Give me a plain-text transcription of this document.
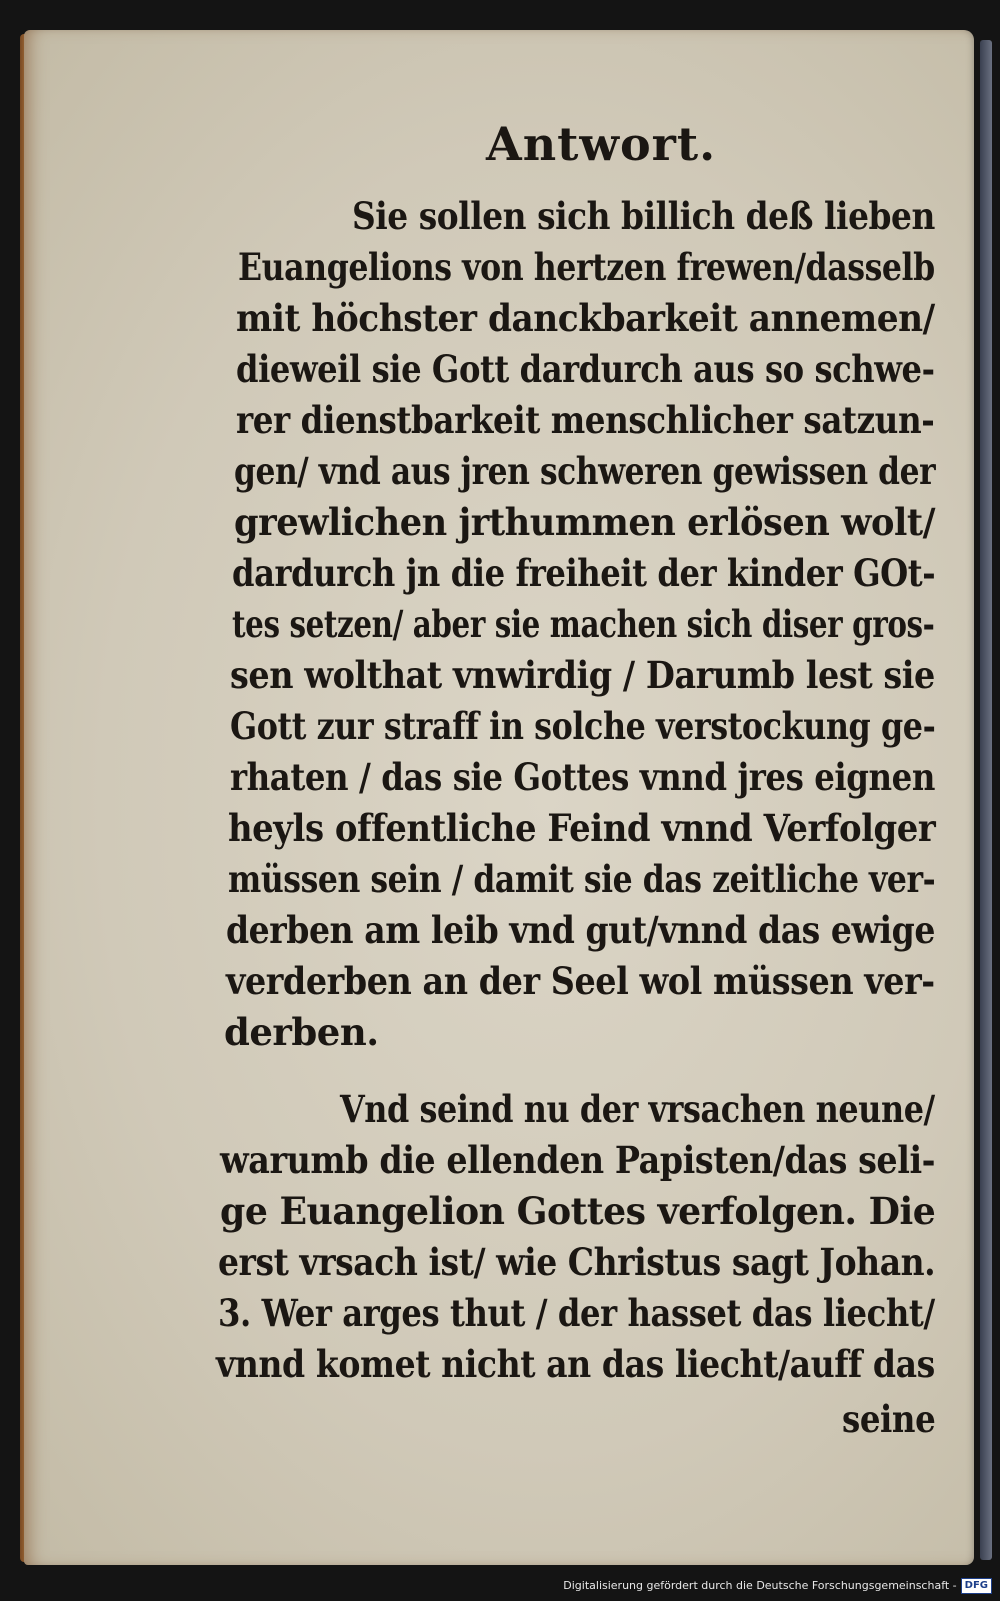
Antwort.
Sie sollen sich billich deß lieben
Euangelions von hertzen frewen/dasselb
mit höchster danckbarkeit annemen/
dieweil sie Gott dardurch aus so schwe-
rer dienstbarkeit menschlicher satzun-
gen/ vnd aus jren schweren gewissen der
grewlichen jrthummen erlösen wolt/
dardurch jn die freiheit der kinder GOt-
tes setzen/ aber sie machen sich diser gros-
sen wolthat vnwirdig / Darumb lest sie
Gott zur straff in solche verstockung ge-
rhaten / das sie Gottes vnnd jres eignen
heyls offentliche Feind vnnd Verfolger
müssen sein / damit sie das zeitliche ver-
derben am leib vnd gut/vnnd das ewige
verderben an der Seel wol müssen ver-
derben.
Vnd seind nu der vrsachen neune/
warumb die ellenden Papisten/das seli-
ge Euangelion Gottes verfolgen. Die
erst vrsach ist/ wie Christus sagt Johan.
3. Wer arges thut / der hasset das liecht/
vnnd komet nicht an das liecht/auff das
seine
Digitalisierung gefördert durch die Deutsche Forschungsgemeinschaft - DFG
